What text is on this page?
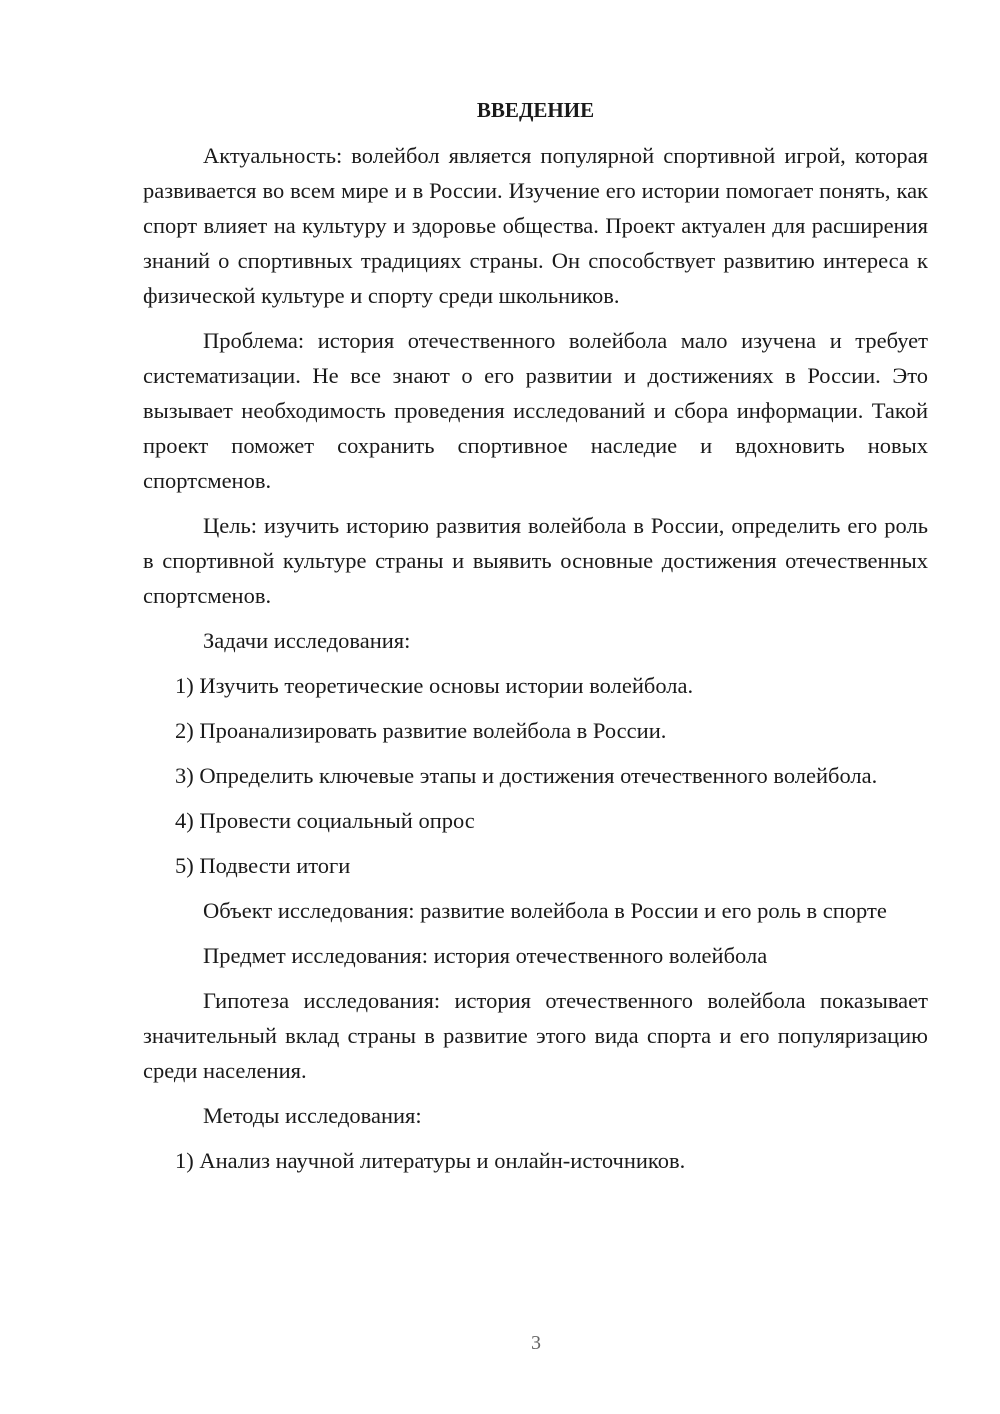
ВВЕДЕНИЕ

Актуальность: волейбол является популярной спортивной игрой, которая развивается во всем мире и в России. Изучение его истории помогает понять, как спорт влияет на культуру и здоровье общества. Проект актуален для расширения знаний о спортивных традициях страны. Он способствует развитию интереса к физической культуре и спорту среди школьников.

Проблема: история отечественного волейбола мало изучена и требует систематизации. Не все знают о его развитии и достижениях в России. Это вызывает необходимость проведения исследований и сбора информации. Такой проект поможет сохранить спортивное наследие и вдохновить новых спортсменов.

Цель: изучить историю развития волейбола в России, определить его роль в спортивной культуре страны и выявить основные достижения отечественных спортсменов.

Задачи исследования:

1) Изучить теоретические основы истории волейбола.

2) Проанализировать развитие волейбола в России.

3) Определить ключевые этапы и достижения отечественного волейбола.

4) Провести социальный опрос

5) Подвести итоги

Объект исследования: развитие волейбола в России и его роль в спорте

Предмет исследования: история отечественного волейбола

Гипотеза исследования: история отечественного волейбола показывает значительный вклад страны в развитие этого вида спорта и его популяризацию среди населения.

Методы исследования:

1) Анализ научной литературы и онлайн-источников.

3
